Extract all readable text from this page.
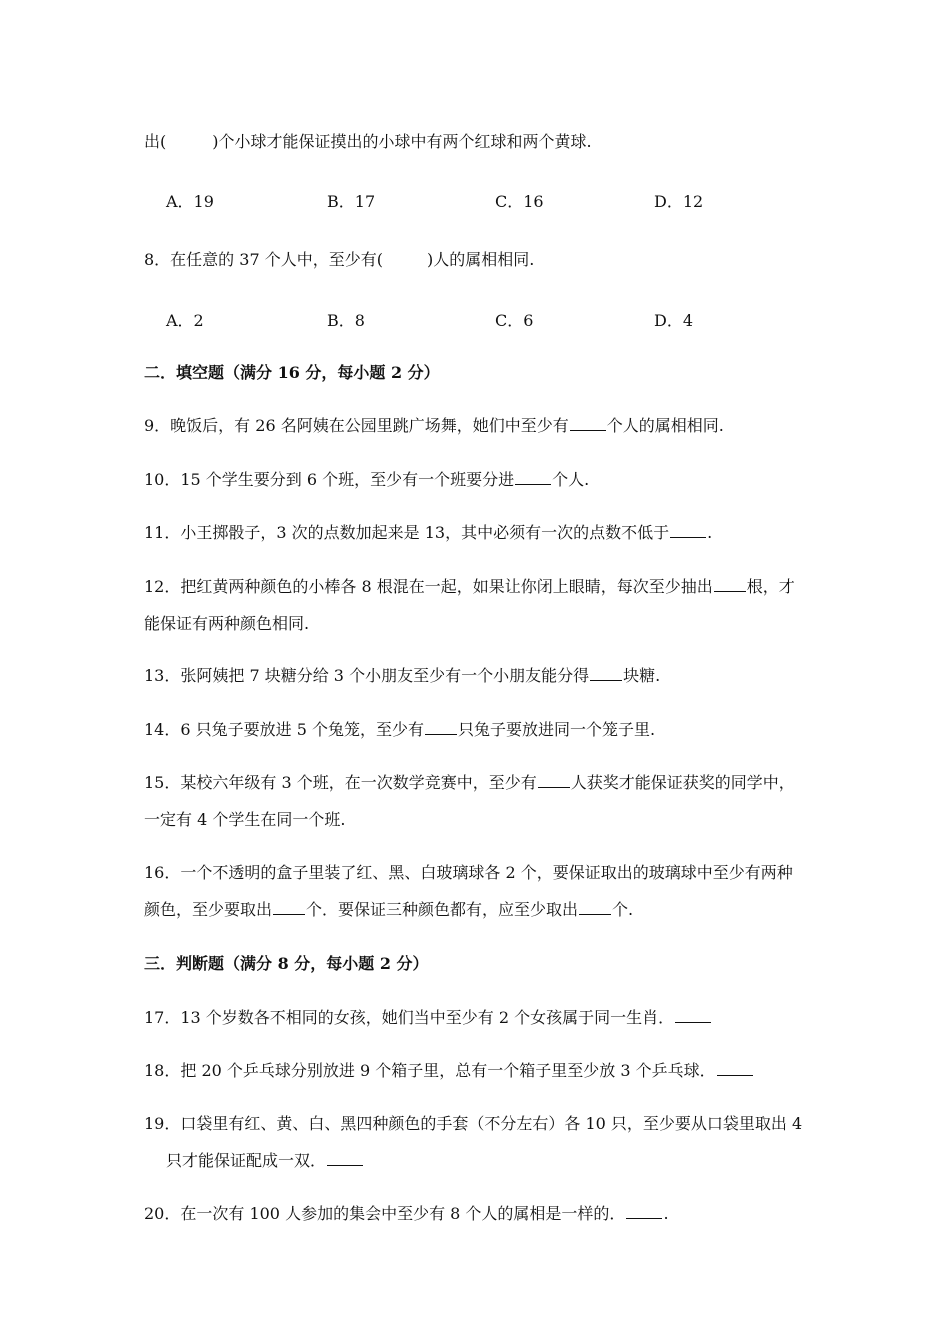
出(	)个小球才能保证摸出的小球中有两个红球和两个黄球.
A．19	B．17	C．16	D．12
8．在任意的 37 个人中，至少有(	)人的属相相同.
A．2	B．8	C．6	D．4
二．填空题（满分 16 分，每小题 2 分）
9．晚饭后，有 26 名阿姨在公园里跳广场舞，她们中至少有 个人的属相相同.
10．15 个学生要分到 6 个班，至少有一个班要分进 个人.
11．小王掷骰子，3 次的点数加起来是 13，其中必须有一次的点数不低于 .
12．把红黄两种颜色的小棒各 8 根混在一起，如果让你闭上眼睛，每次至少抽出 根，才
能保证有两种颜色相同.
13．张阿姨把 7 块糖分给 3 个小朋友至少有一个小朋友能分得 块糖.
14．6 只兔子要放进 5 个兔笼，至少有 只兔子要放进同一个笼子里.
15．某校六年级有 3 个班，在一次数学竞赛中，至少有 人获奖才能保证获奖的同学中，
一定有 4 个学生在同一个班.
16．一个不透明的盒子里装了红、黑、白玻璃球各 2 个，要保证取出的玻璃球中至少有两种
颜色，至少要取出 个．要保证三种颜色都有，应至少取出 个.
三．判断题（满分 8 分，每小题 2 分）
17．13 个岁数各不相同的女孩，她们当中至少有 2 个女孩属于同一生肖．
18．把 20 个乒乓球分别放进 9 个箱子里，总有一个箱子里至少放 3 个乒乓球．
19．口袋里有红、黄、白、黑四种颜色的手套（不分左右）各 10 只，至少要从口袋里取出 4
只才能保证配成一双．
20．在一次有 100 人参加的集会中至少有 8 个人的属相是一样的． .
